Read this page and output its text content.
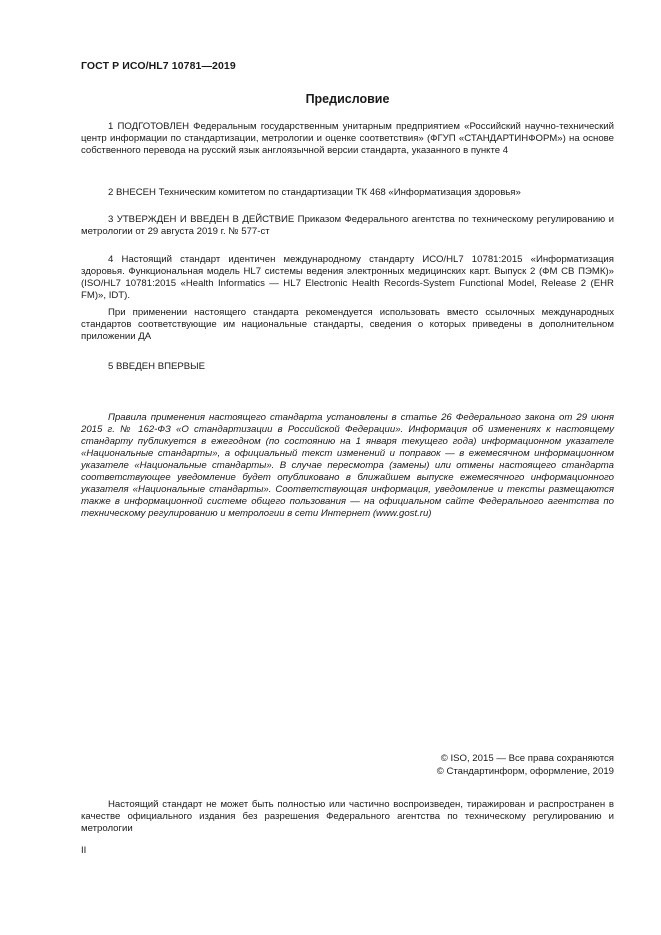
ГОСТ Р ИСО/HL7 10781—2019
Предисловие
1 ПОДГОТОВЛЕН Федеральным государственным унитарным предприятием «Российский научно-технический центр информации по стандартизации, метрологии и оценке соответствия» (ФГУП «СТАНДАРТИНФОРМ») на основе собственного перевода на русский язык англоязычной версии стандарта, указанного в пункте 4
2 ВНЕСЕН Техническим комитетом по стандартизации ТК 468 «Информатизация здоровья»
3 УТВЕРЖДЕН И ВВЕДЕН В ДЕЙСТВИЕ Приказом Федерального агентства по техническому регулированию и метрологии от 29 августа 2019 г. № 577-ст
4 Настоящий стандарт идентичен международному стандарту ИСО/HL7 10781:2015 «Информатизация здоровья. Функциональная модель HL7 системы ведения электронных медицинских карт. Выпуск 2 (ФМ СВ ПЭМК)» (ISO/HL7 10781:2015 «Health Informatics — HL7 Electronic Health Records-System Functional Model, Release 2 (EHR FM)», IDT).
При применении настоящего стандарта рекомендуется использовать вместо ссылочных международных стандартов соответствующие им национальные стандарты, сведения о которых приведены в дополнительном приложении ДА
5 ВВЕДЕН ВПЕРВЫЕ
Правила применения настоящего стандарта установлены в статье 26 Федерального закона от 29 июня 2015 г. № 162-ФЗ «О стандартизации в Российской Федерации». Информация об изменениях к настоящему стандарту публикуется в ежегодном (по состоянию на 1 января текущего года) информационном указателе «Национальные стандарты», а официальный текст изменений и поправок — в ежемесячном информационном указателе «Национальные стандарты». В случае пересмотра (замены) или отмены настоящего стандарта соответствующее уведомление будет опубликовано в ближайшем выпуске ежемесячного информационного указателя «Национальные стандарты». Соответствующая информация, уведомление и тексты размещаются также в информационной системе общего пользования — на официальном сайте Федерального агентства по техническому регулированию и метрологии в сети Интернет (www.gost.ru)
© ISO, 2015 — Все права сохраняются
© Стандартинформ, оформление, 2019
Настоящий стандарт не может быть полностью или частично воспроизведен, тиражирован и распространен в качестве официального издания без разрешения Федерального агентства по техническому регулированию и метрологии
II
